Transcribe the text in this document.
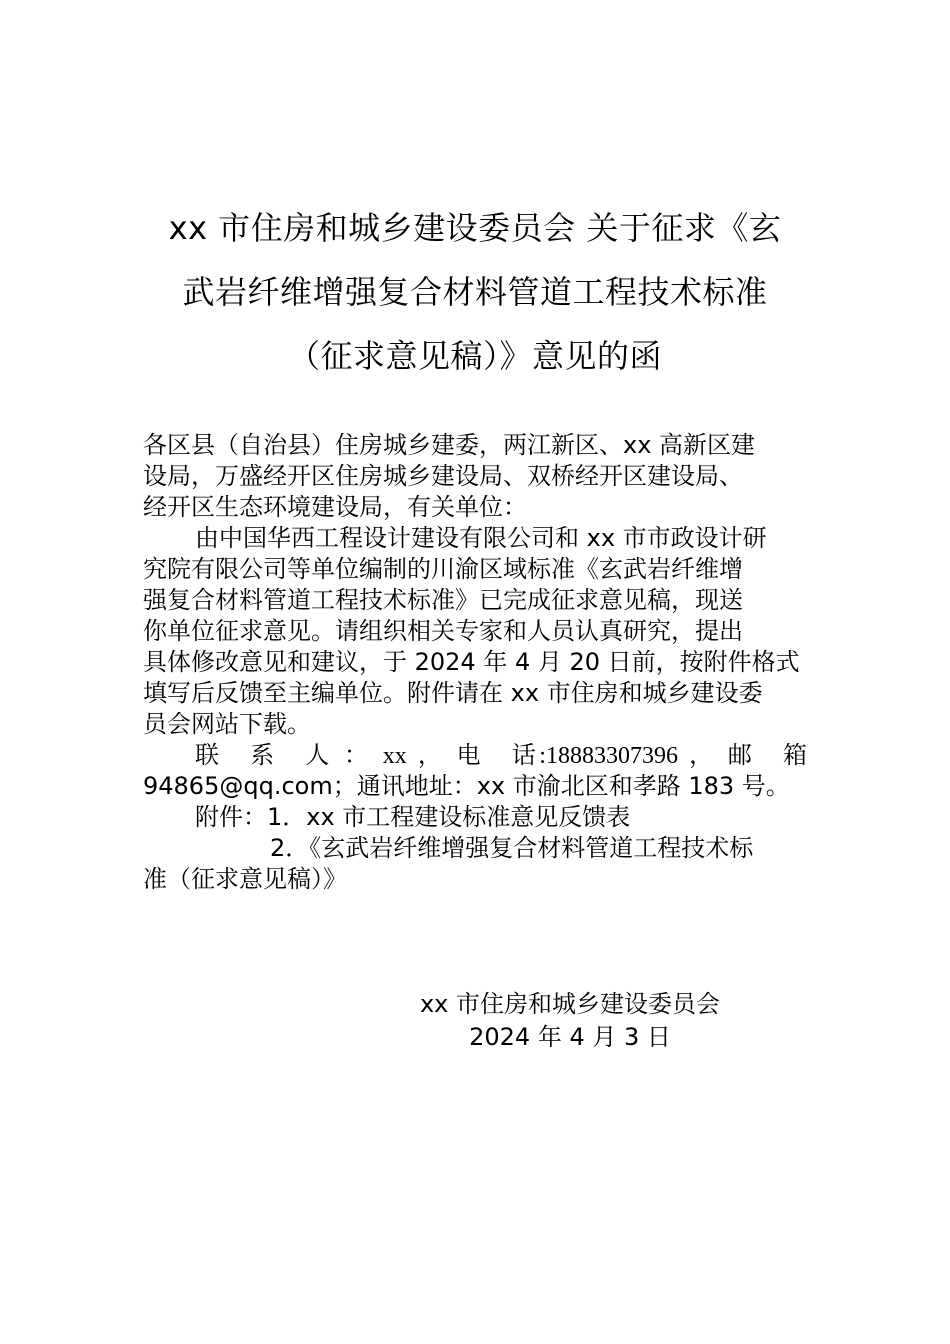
xx 市住房和城乡建设委员会 关于征求《玄
武岩纤维增强复合材料管道工程技术标准
（征求意见稿）》意见的函
各区县（自治县）住房城乡建委，两江新区、xx 高新区建
设局，万盛经开区住房城乡建设局、双桥经开区建设局、
经开区生态环境建设局，有关单位：
由中国华西工程设计建设有限公司和 xx 市市政设计研
究院有限公司等单位编制的川渝区域标准《玄武岩纤维增
强复合材料管道工程技术标准》已完成征求意见稿，现送
你单位征求意见。请组织相关专家和人员认真研究，提出
具体修改意见和建议，于 2024 年 4 月 20 日前，按附件格式
填写后反馈至主编单位。附件请在 xx 市住房和城乡建设委
员会网站下载。
联　系　人 ： xx ， 电　话:18883307396 ， 邮　箱
94865@qq.com；通讯地址：xx 市渝北区和孝路 183 号。
附件：1．xx 市工程建设标准意见反馈表
2．《玄武岩纤维增强复合材料管道工程技术标
准（征求意见稿）》
xx 市住房和城乡建设委员会
2024 年 4 月 3 日
